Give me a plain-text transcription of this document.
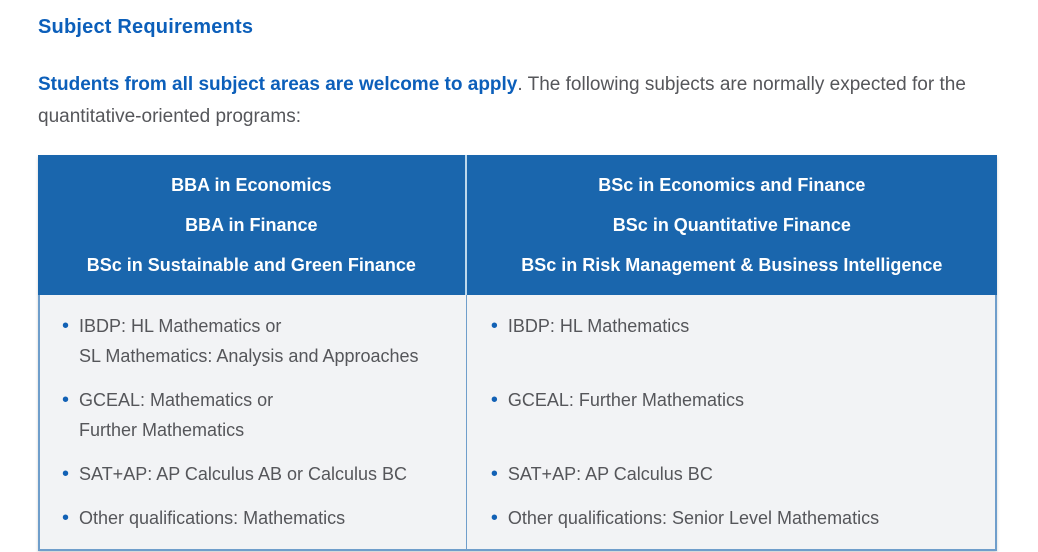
Subject Requirements

Students from all subject areas are welcome to apply. The following subjects are normally expected for the quantitative-oriented programs:

BBA in Economics
BBA in Finance
BSc in Sustainable and Green Finance
BSc in Economics and Finance
BSc in Quantitative Finance
BSc in Risk Management & Business Intelligence
• IBDP: HL Mathematics or
SL Mathematics: Analysis and Approaches
• IBDP: HL Mathematics
• GCEAL: Mathematics or
Further Mathematics
• GCEAL: Further Mathematics
• SAT+AP: AP Calculus AB or Calculus BC	• SAT+AP: AP Calculus BC
• Other qualifications: Mathematics	• Other qualifications: Senior Level Mathematics
